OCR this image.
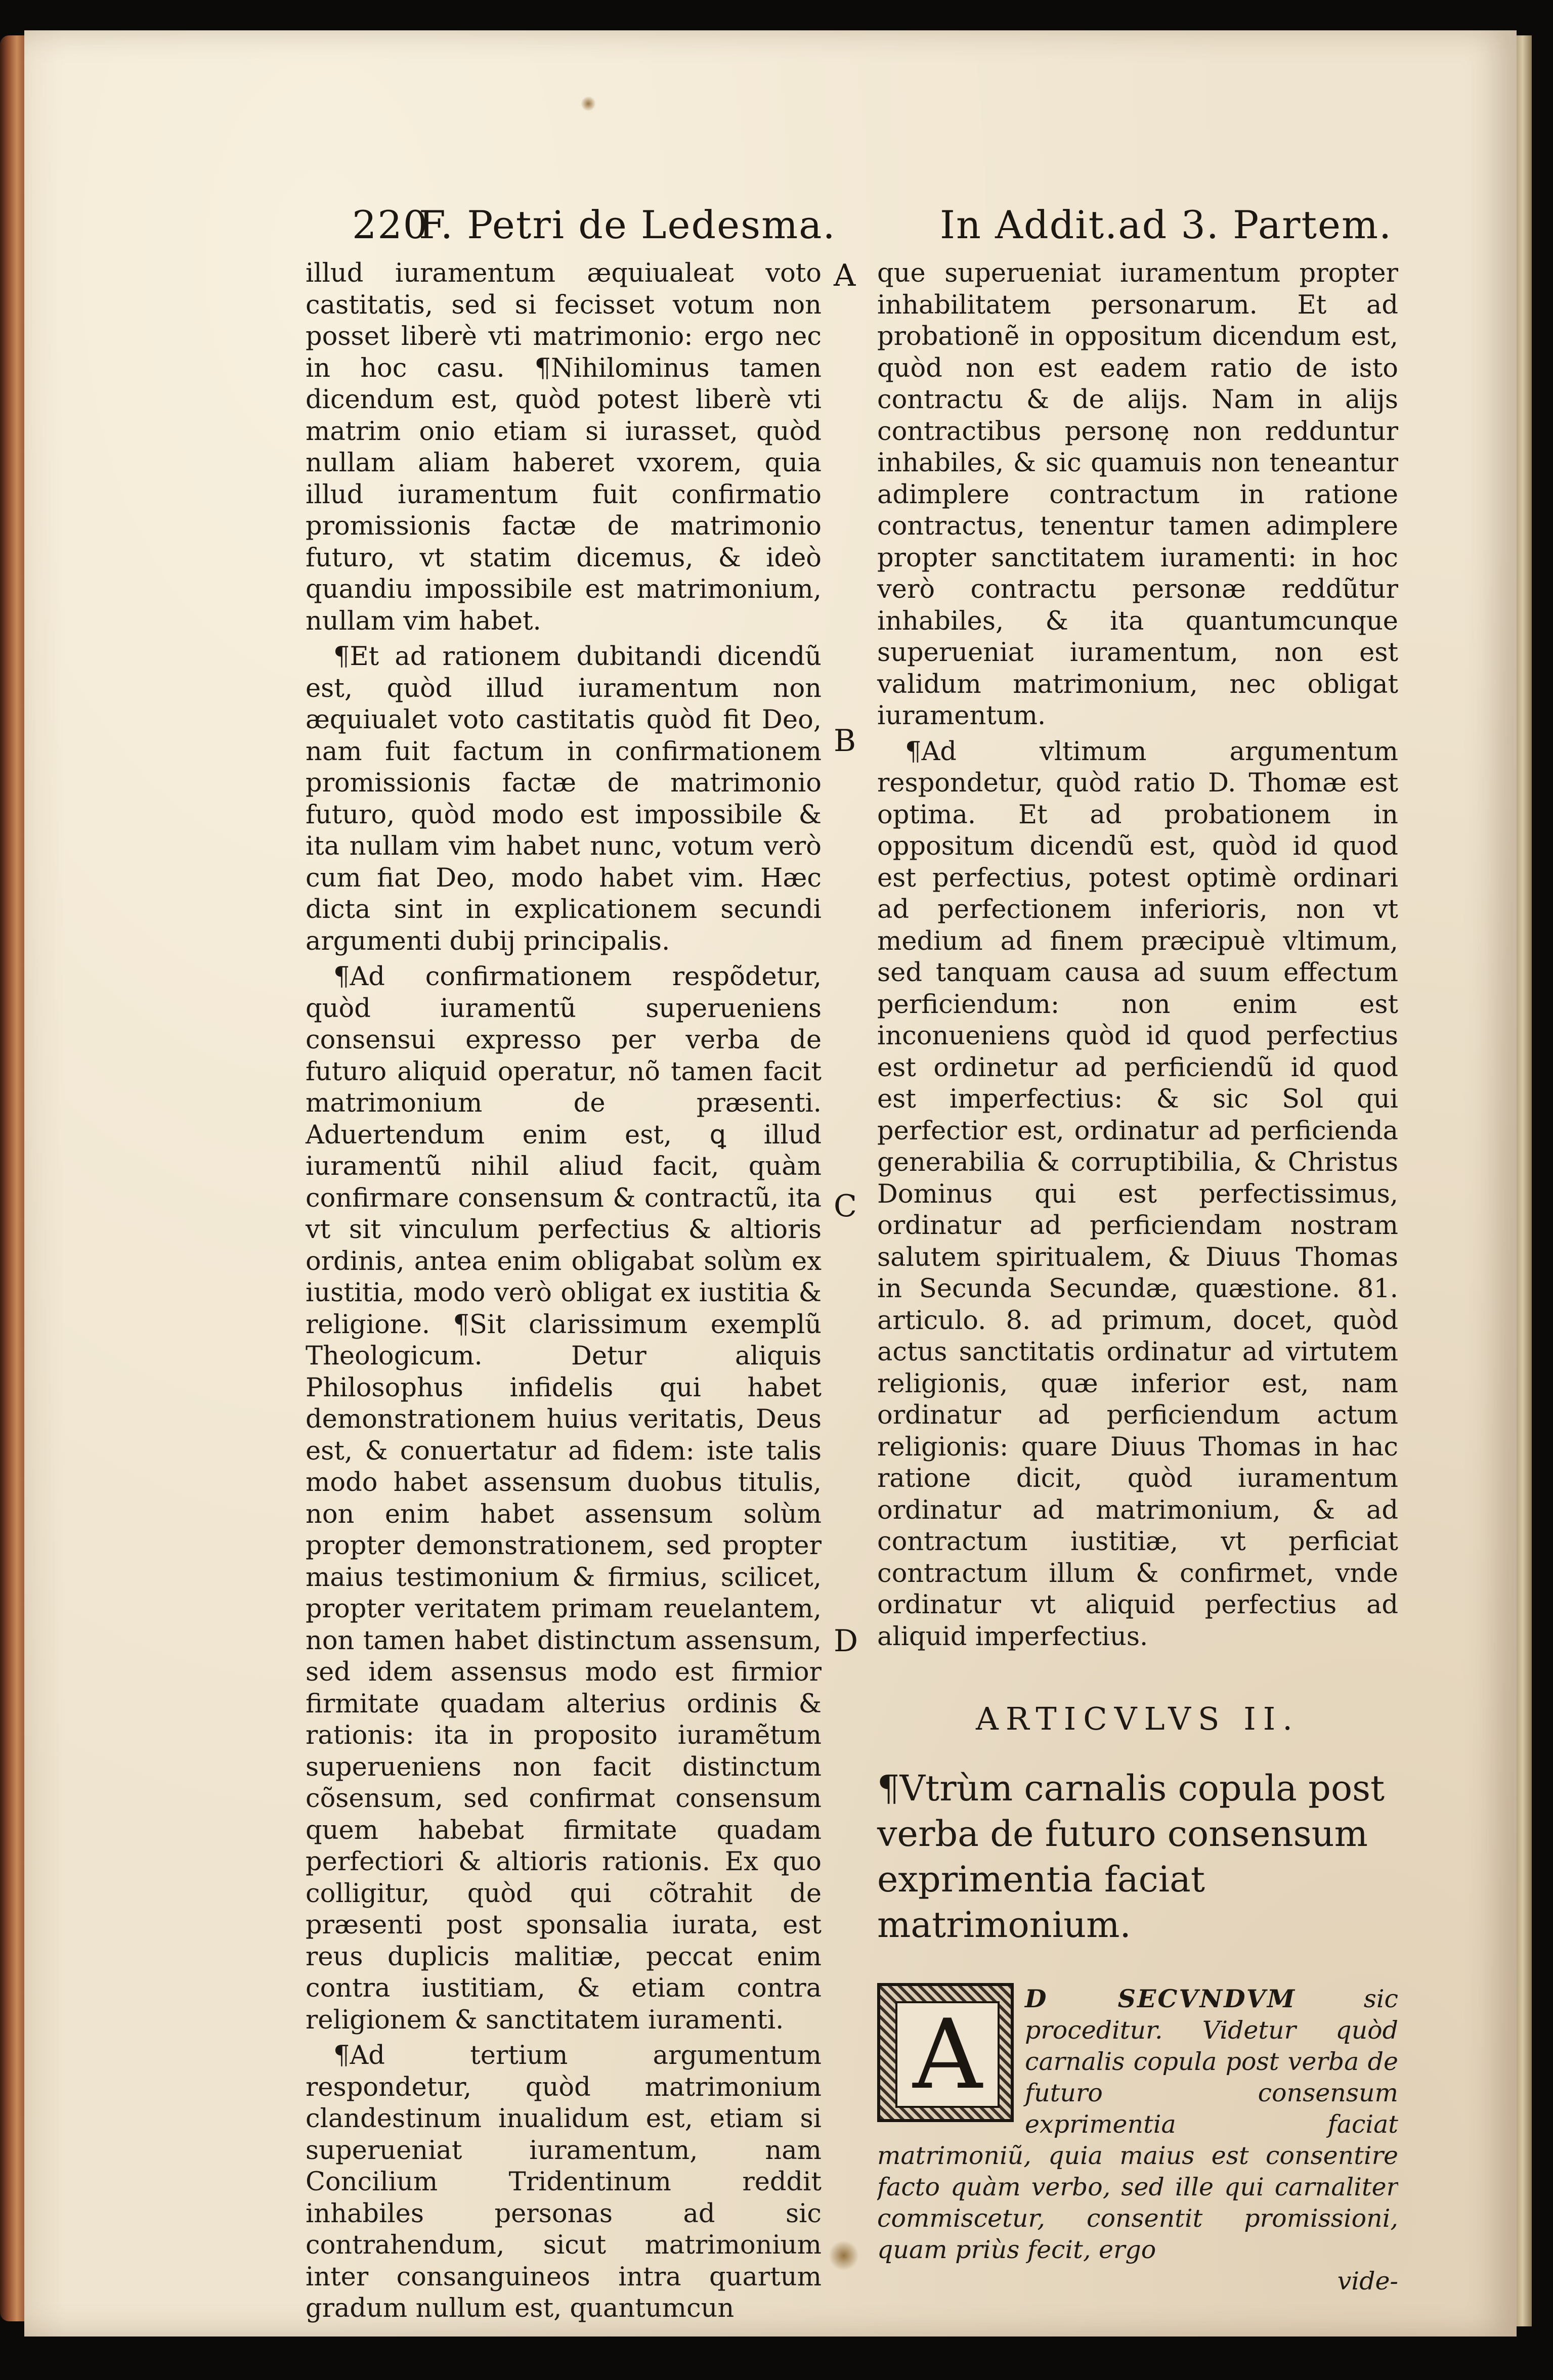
220
F. Petri de Ledesma.	In Addit.ad 3. Partem.
A
B
C
D

illud iuramentum æquiualeat voto castitatis, sed si fecisset votum non posset liberè vti matrimonio: ergo nec in hoc casu. ¶Nihilominus tamen dicendum est, quòd potest liberè vti matrim onio etiam si iurasset, quòd nullam aliam haberet vxorem, quia illud iuramentum fuit confirmatio promissionis factæ de matrimonio futuro, vt statim dicemus, & ideò quandiu impossibile est matrimonium, nullam vim habet.

¶Et ad rationem dubitandi dicendũ est, quòd illud iuramentum non æquiualet voto castitatis quòd fit Deo, nam fuit factum in confirmationem promissionis factæ de matrimonio futuro, quòd modo est impossibile & ita nullam vim habet nunc, votum verò cum fiat Deo, modo habet vim. Hæc dicta sint in explicationem secundi argumenti dubij principalis.

¶Ad confirmationem respõdetur, quòd iuramentũ superueniens consensui expresso per verba de futuro aliquid operatur, nõ tamen facit matrimonium de præsenti. Aduertendum enim est, ꝗ illud iuramentũ nihil aliud facit, quàm confirmare consensum & contractũ, ita vt sit vinculum perfectius & altioris ordinis, antea enim obligabat solùm ex iustitia, modo verò obligat ex iustitia & religione. ¶Sit clarissimum exemplũ Theologicum. Detur aliquis Philosophus infidelis qui habet demonstrationem huius veritatis, Deus est, & conuertatur ad fidem: iste talis modo habet assensum duobus titulis, non enim habet assensum solùm propter demonstrationem, sed propter maius testimonium & firmius, scilicet, propter veritatem primam reuelantem, non tamen habet distinctum assensum, sed idem assensus modo est firmior firmitate quadam alterius ordinis & rationis: ita in proposito iuramẽtum superueniens non facit distinctum cõsensum, sed confirmat consensum quem habebat firmitate quadam perfectiori & altioris rationis. Ex quo colligitur, quòd qui cõtrahit de præsenti post sponsalia iurata, est reus duplicis malitiæ, peccat enim contra iustitiam, & etiam contra religionem & sanctitatem iuramenti.

¶Ad tertium argumentum respondetur, quòd matrimonium clandestinum inualidum est, etiam si superueniat iuramentum, nam Concilium Tridentinum reddit inhabiles personas ad sic contrahendum, sicut matrimonium inter consanguineos intra quartum gradum nullum est, quantumcun

que superueniat iuramentum propter inhabilitatem personarum. Et ad probationẽ in oppositum dicendum est, quòd non est eadem ratio de isto contractu & de alijs. Nam in alijs contractibus personę non redduntur inhabiles, & sic quamuis non teneantur adimplere contractum in ratione contractus, tenentur tamen adimplere propter sanctitatem iuramenti: in hoc verò contractu personæ reddũtur inhabiles, & ita quantumcunque superueniat iuramentum, non est validum matrimonium, nec obligat iuramentum.

¶Ad vltimum argumentum respondetur, quòd ratio D. Thomæ est optima. Et ad probationem in oppositum dicendũ est, quòd id quod est perfectius, potest optimè ordinari ad perfectionem inferioris, non vt medium ad finem præcipuè vltimum, sed tanquam causa ad suum effectum perficiendum: non enim est inconueniens quòd id quod perfectius est ordinetur ad perficiendũ id quod est imperfectius: & sic Sol qui perfectior est, ordinatur ad perficienda generabilia & corruptibilia, & Christus Dominus qui est perfectissimus, ordinatur ad perficiendam nostram salutem spiritualem, & Diuus Thomas in Secunda Secundæ, quæstione. 81. articulo. 8. ad primum, docet, quòd actus sanctitatis ordinatur ad virtutem religionis, quæ inferior est, nam ordinatur ad perficiendum actum religionis: quare Diuus Thomas in hac ratione dicit, quòd iuramentum ordinatur ad matrimonium, & ad contractum iustitiæ, vt perficiat contractum illum & confirmet, vnde ordinatur vt aliquid perfectius ad aliquid imperfectius.

ARTICVLVS II.
¶Vtrùm carnalis copula post verba de futuro consensum exprimentia faciat matrimonium.
A	D SECVNDVM sic proceditur. Videtur quòd carnalis copula post verba de futuro consensum exprimentia faciat matrimoniũ, quia maius est consentire facto quàm verbo, sed ille qui carnaliter commiscetur, consentit promissioni, quam priùs fecit, ergo
vide-
